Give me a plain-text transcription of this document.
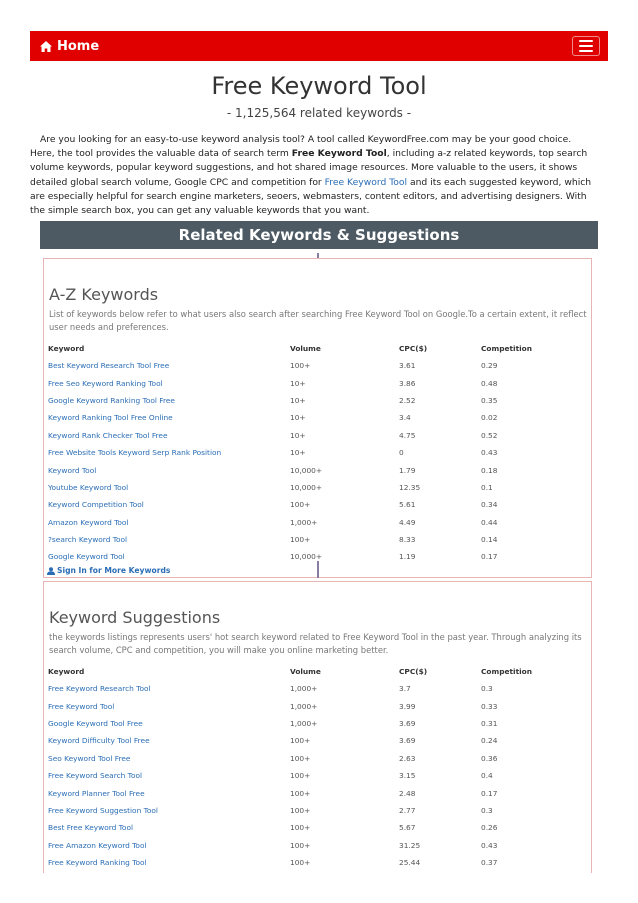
Home
Free Keyword Tool
- 1,125,564 related keywords -

Are you looking for an easy-to-use keyword analysis tool? A tool called KeywordFree.com may be your good choice. Here, the tool provides the valuable data of search term Free Keyword Tool, including a-z related keywords, top search volume keywords, popular keyword suggestions, and hot shared image resources. More valuable to the users, it shows detailed global search volume, Google CPC and competition for Free Keyword Tool and its each suggested keyword, which are especially helpful for search engine marketers, seoers, webmasters, content editors, and advertising designers. With the simple search box, you can get any valuable keywords that you want.

Related Keywords & Suggestions
A-Z Keywords

List of keywords below refer to what users also search after searching Free Keyword Tool on Google.To a certain extent, it reflect user needs and preferences.

Keyword	Volume	CPC($)	Competition
Best Keyword Research Tool Free	100+	3.61	0.29
Free Seo Keyword Ranking Tool	10+	3.86	0.48
Google Keyword Ranking Tool Free	10+	2.52	0.35
Keyword Ranking Tool Free Online	10+	3.4	0.02
Keyword Rank Checker Tool Free	10+	4.75	0.52
Free Website Tools Keyword Serp Rank Position	10+	0	0.43
Keyword Tool	10,000+	1.79	0.18
Youtube Keyword Tool	10,000+	12.35	0.1
Keyword Competition Tool	100+	5.61	0.34
Amazon Keyword Tool	1,000+	4.49	0.44
?search Keyword Tool	100+	8.33	0.14
Google Keyword Tool	10,000+	1.19	0.17
Sign In for More Keywords
Keyword Suggestions

the keywords listings represents users' hot search keyword related to Free Keyword Tool in the past year. Through analyzing its search volume, CPC and competition, you will make you online marketing better.

Keyword	Volume	CPC($)	Competition
Free Keyword Research Tool	1,000+	3.7	0.3
Free Keyword Tool	1,000+	3.99	0.33
Google Keyword Tool Free	1,000+	3.69	0.31
Keyword Difficulty Tool Free	100+	3.69	0.24
Seo Keyword Tool Free	100+	2.63	0.36
Free Keyword Search Tool	100+	3.15	0.4
Keyword Planner Tool Free	100+	2.48	0.17
Free Keyword Suggestion Tool	100+	2.77	0.3
Best Free Keyword Tool	100+	5.67	0.26
Free Amazon Keyword Tool	100+	31.25	0.43
Free Keyword Ranking Tool	100+	25.44	0.37
